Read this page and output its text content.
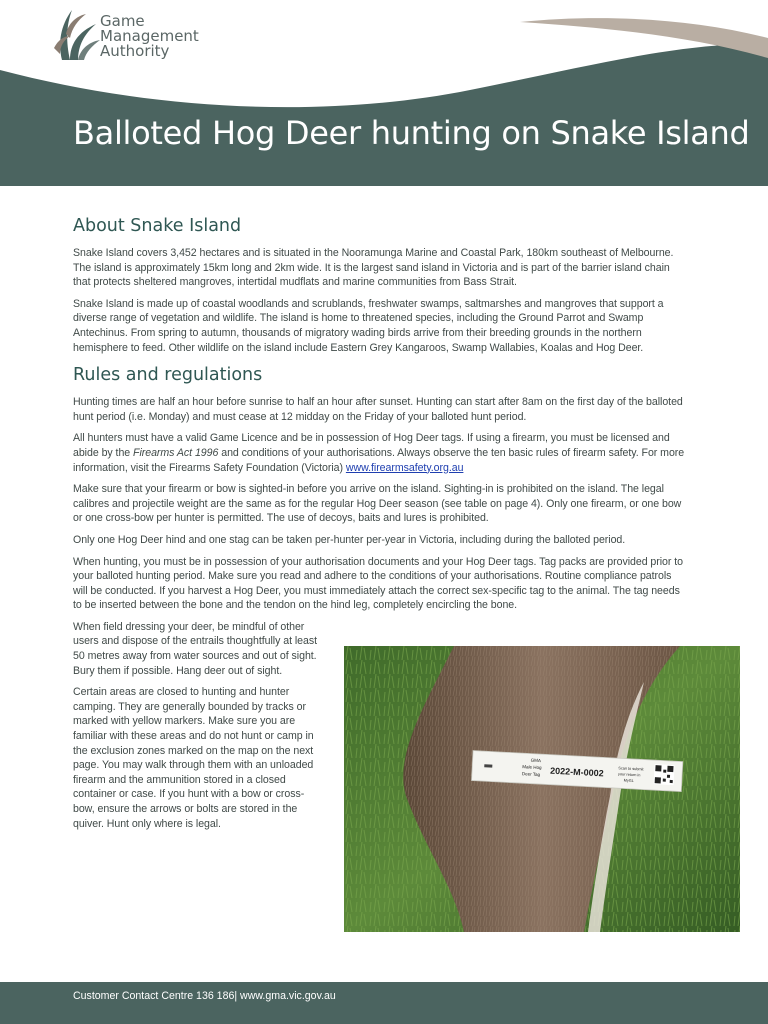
Game
Management
Authority
Balloted Hog Deer hunting on Snake Island
About Snake Island

Snake Island covers 3,452 hectares and is situated in the Nooramunga Marine and Coastal Park, 180km southeast of Melbourne. The island is approximately 15km long and 2km wide. It is the largest sand island in Victoria and is part of the barrier island chain that protects sheltered mangroves, intertidal mudflats and marine communities from Bass Strait.

Snake Island is made up of coastal woodlands and scrublands, freshwater swamps, saltmarshes and mangroves that support a diverse range of vegetation and wildlife. The island is home to threatened species, including the Ground Parrot and Swamp Antechinus. From spring to autumn, thousands of migratory wading birds arrive from their breeding grounds in the northern hemisphere to feed. Other wildlife on the island include Eastern Grey Kangaroos, Swamp Wallabies, Koalas and Hog Deer.

Rules and regulations

Hunting times are half an hour before sunrise to half an hour after sunset. Hunting can start after 8am on the first day of the balloted hunt period (i.e. Monday) and must cease at 12 midday on the Friday of your balloted hunt period.

All hunters must have a valid Game Licence and be in possession of Hog Deer tags. If using a firearm, you must be licensed and abide by the Firearms Act 1996 and conditions of your authorisations. Always observe the ten basic rules of firearm safety. For more information, visit the Firearms Safety Foundation (Victoria) www.firearmsafety.org.au

Make sure that your firearm or bow is sighted-in before you arrive on the island. Sighting-in is prohibited on the island. The legal calibres and projectile weight are the same as for the regular Hog Deer season (see table on page 4). Only one firearm, or one bow or one cross-bow per hunter is permitted. The use of decoys, baits and lures is prohibited.

Only one Hog Deer hind and one stag can be taken per-hunter per-year in Victoria, including during the balloted period.

When hunting, you must be in possession of your authorisation documents and your Hog Deer tags. Tag packs are provided prior to your balloted hunting period. Make sure you read and adhere to the conditions of your authorisations. Routine compliance patrols will be conducted. If you harvest a Hog Deer, you must immediately attach the correct sex-specific tag to the animal. The tag needs to be inserted between the bone and the tendon on the hind leg, completely encircling the bone.

When field dressing your deer, be mindful of other users and dispose of the entrails thoughtfully at least 50 metres away from water sources and out of sight. Bury them if possible. Hang deer out of sight.

Certain areas are closed to hunting and hunter camping. They are generally bounded by tracks or marked with yellow markers. Make sure you are familiar with these areas and do not hunt or camp in the exclusion zones marked on the map on the next page. You may walk through them with an unloaded firearm and the ammunition stored in a closed container or case. If you hunt with a bow or cross-bow, ensure the arrows or bolts are stored in the quiver. Hunt only where is legal.

GMA
Male Hog
Deer Tag 2022-M-0002	Scan to submit
your return in
MyGL
Customer Contact Centre 136 186| www.gma.vic.gov.au
